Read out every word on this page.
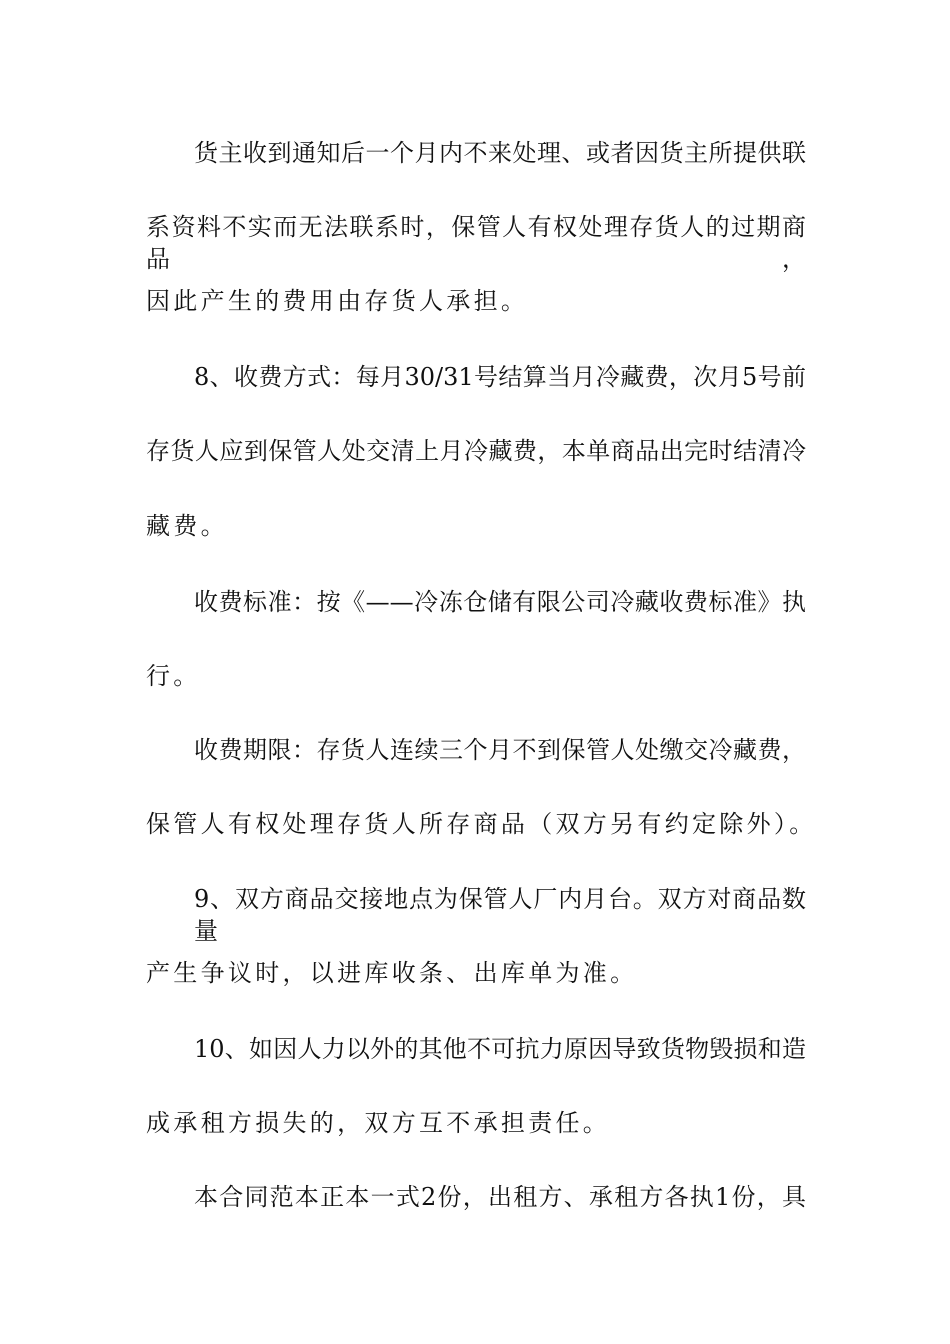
货主收到通知后一个月内不来处理、或者因货主所提供联

系资料不实而无法联系时，保管人有权处理存货人的过期商品，

因此产生的费用由存货人承担。

8、收费方式：每月30/31号结算当月冷藏费，次月5号前

存货人应到保管人处交清上月冷藏费，本单商品出完时结清冷

藏费。

收费标准：按《——冷冻仓储有限公司冷藏收费标准》执

行。

收费期限：存货人连续三个月不到保管人处缴交冷藏费，

保管人有权处理存货人所存商品（双方另有约定除外）。

9、双方商品交接地点为保管人厂内月台。双方对商品数量

产生争议时，以进库收条、出库单为准。

10、如因人力以外的其他不可抗力原因导致货物毁损和造

成承租方损失的，双方互不承担责任。

本合同范本正本一式2份，出租方、承租方各执1份，具
